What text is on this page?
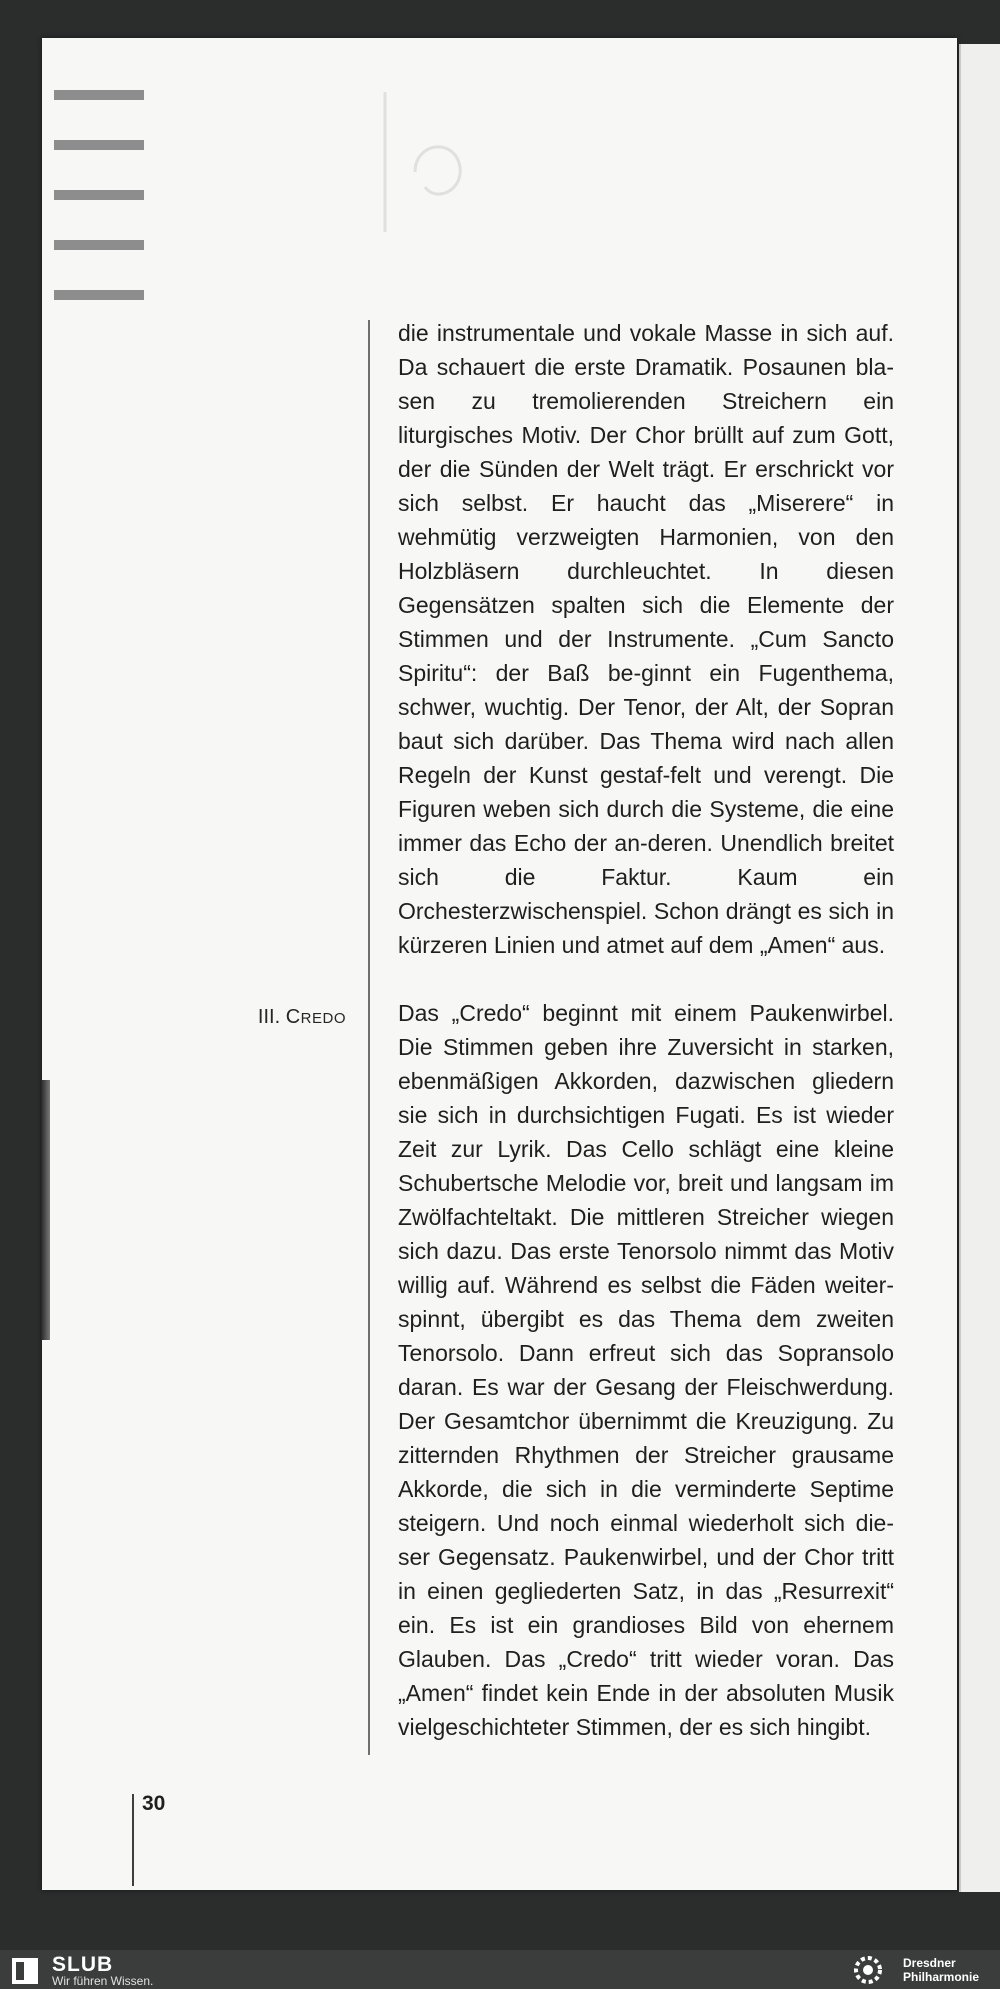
III. CREDO

die instrumentale und vokale Masse in sich auf. Da schauert die erste Dramatik. Posaunen bla-sen zu tremolierenden Streichern ein liturgisches Motiv. Der Chor brüllt auf zum Gott, der die Sünden der Welt trägt. Er erschrickt vor sich selbst. Er haucht das „Miserere“ in wehmütig verzweigten Harmonien, von den Holzbläsern durchleuchtet. In diesen Gegensätzen spalten sich die Elemente der Stimmen und der Instrumente. „Cum Sancto Spiritu“: der Baß be-ginnt ein Fugenthema, schwer, wuchtig. Der Tenor, der Alt, der Sopran baut sich darüber. Das Thema wird nach allen Regeln der Kunst gestaf-felt und verengt. Die Figuren weben sich durch die Systeme, die eine immer das Echo der an-deren. Unendlich breitet sich die Faktur. Kaum ein Orchesterzwischenspiel. Schon drängt es sich in kürzeren Linien und atmet auf dem „Amen“ aus.

Das „Credo“ beginnt mit einem Paukenwirbel. Die Stimmen geben ihre Zuversicht in starken, ebenmäßigen Akkorden, dazwischen gliedern sie sich in durchsichtigen Fugati. Es ist wieder Zeit zur Lyrik. Das Cello schlägt eine kleine Schubertsche Melodie vor, breit und langsam im Zwölfachteltakt. Die mittleren Streicher wiegen sich dazu. Das erste Tenorsolo nimmt das Motiv willig auf. Während es selbst die Fäden weiter-spinnt, übergibt es das Thema dem zweiten Tenorsolo. Dann erfreut sich das Sopransolo daran. Es war der Gesang der Fleischwerdung. Der Gesamtchor übernimmt die Kreuzigung. Zu zitternden Rhythmen der Streicher grausame Akkorde, die sich in die verminderte Septime steigern. Und noch einmal wiederholt sich die-ser Gegensatz. Paukenwirbel, und der Chor tritt in einen gegliederten Satz, in das „Resurrexit“ ein. Es ist ein grandioses Bild von ehernem Glauben. Das „Credo“ tritt wieder voran. Das „Amen“ findet kein Ende in der absoluten Musik vielgeschichteter Stimmen, der es sich hingibt.

30
SLUB
Wir führen Wissen.
Dresdner
Philharmonie
